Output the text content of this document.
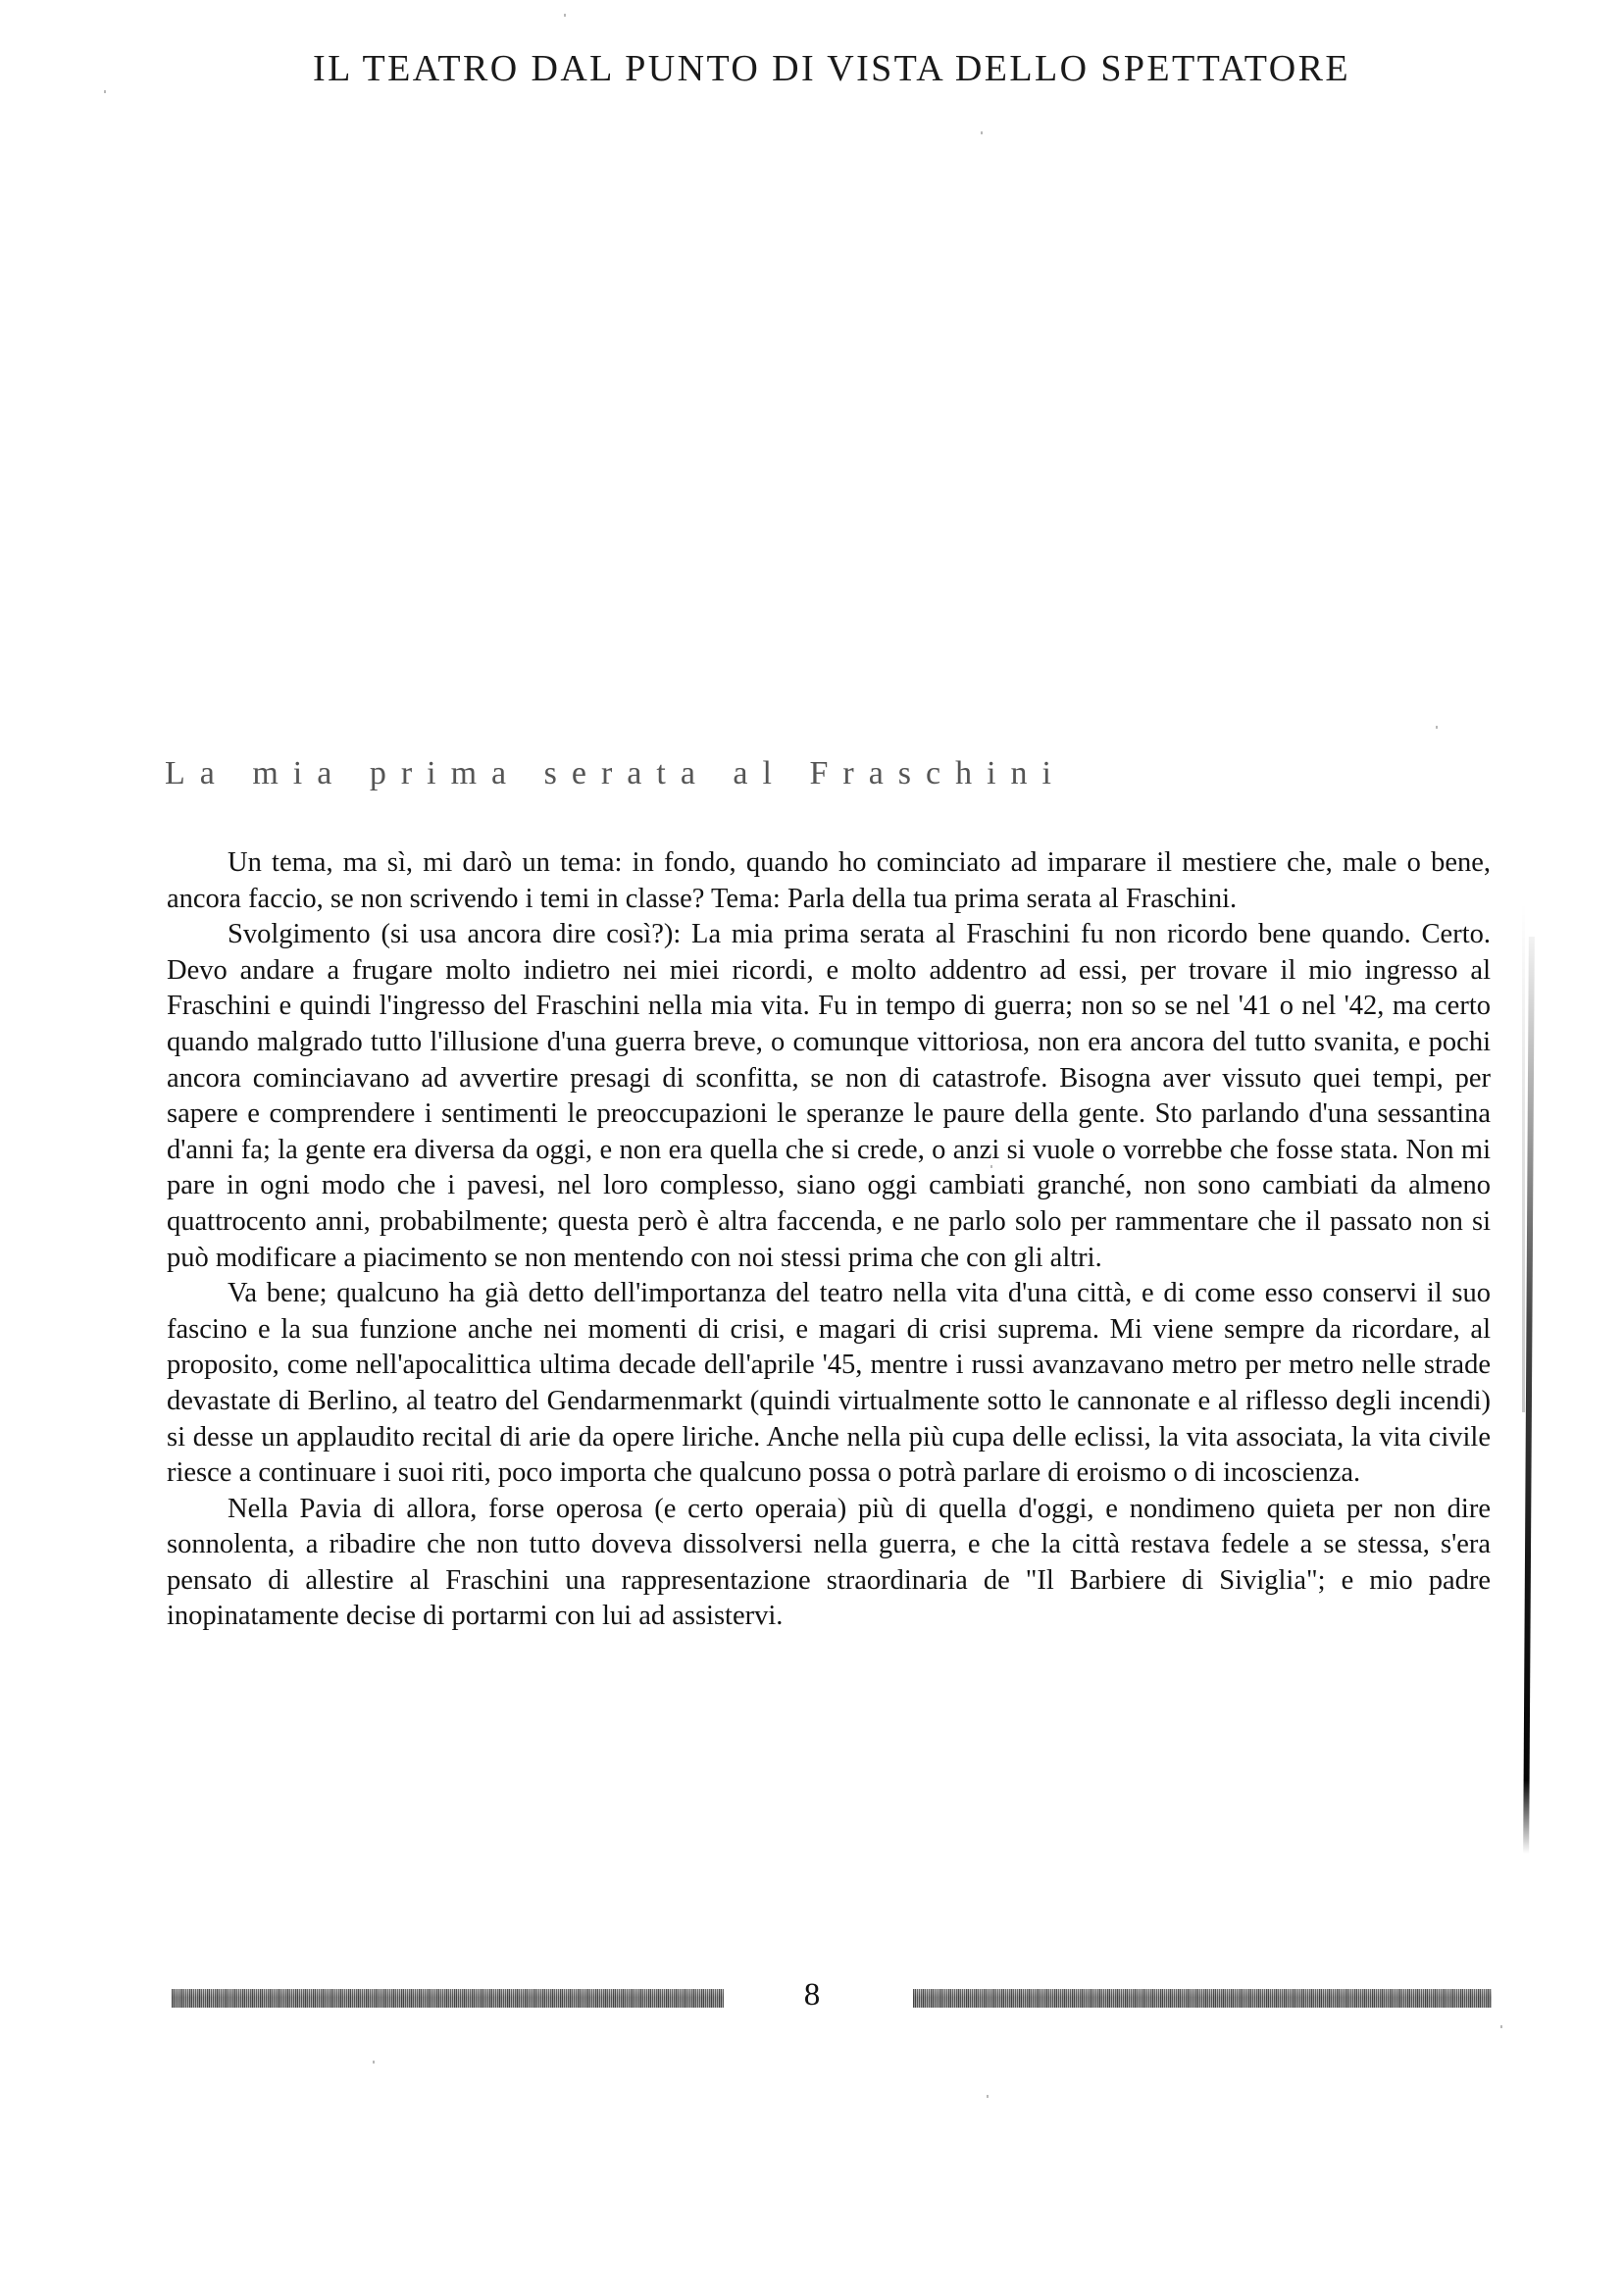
IL TEATRO DAL PUNTO DI VISTA DELLO SPETTATORE
La mia prima serata al Fraschini

Un tema, ma sì, mi darò un tema: in fondo, quando ho cominciato ad imparare il mestiere che, male o bene, ancora faccio, se non scrivendo i temi in classe? Tema: Parla della tua prima serata al Fraschini.

Svolgimento (si usa ancora dire così?): La mia prima serata al Fraschini fu non ricordo bene quando. Certo. Devo andare a frugare molto indietro nei miei ricordi, e molto addentro ad essi, per trovare il mio ingresso al Fraschini e quindi l'ingresso del Fraschini nella mia vita. Fu in tempo di guerra; non so se nel '41 o nel '42, ma certo quando malgrado tutto l'illusione d'una guerra breve, o comunque vittoriosa, non era ancora del tutto svanita, e pochi ancora cominciavano ad avvertire presagi di sconfitta, se non di catastrofe. Bisogna aver vissuto quei tempi, per sapere e comprendere i sentimenti le preoccupazioni le speranze le paure della gente. Sto parlando d'una sessantina d'anni fa; la gente era diversa da oggi, e non era quella che si crede, o anzi si vuole o vorrebbe che fosse stata. Non mi pare in ogni modo che i pavesi, nel loro complesso, siano oggi cambiati granché, non sono cambiati da almeno quattrocento anni, probabilmente; questa però è altra faccenda, e ne parlo solo per rammentare che il passato non si può modificare a piacimento se non mentendo con noi stessi prima che con gli altri.

Va bene; qualcuno ha già detto dell'importanza del teatro nella vita d'una città, e di come esso conservi il suo fascino e la sua funzione anche nei momenti di crisi, e magari di crisi suprema. Mi viene sempre da ricordare, al proposito, come nell'apocalittica ultima decade dell'aprile '45, mentre i russi avanzavano metro per metro nelle strade devastate di Berlino, al teatro del Gendarmenmarkt (quindi virtualmente sotto le cannonate e al riflesso degli incendi) si desse un applaudito recital di arie da opere liriche. Anche nella più cupa delle eclissi, la vita associata, la vita civile riesce a continuare i suoi riti, poco importa che qualcuno possa o potrà parlare di eroismo o di incoscienza.

Nella Pavia di allora, forse operosa (e certo operaia) più di quella d'oggi, e nondimeno quieta per non dire sonnolenta, a ribadire che non tutto doveva dissolversi nella guerra, e che la città restava fedele a se stessa, s'era pensato di allestire al Fraschini una rappresentazione straordinaria de "Il Barbiere di Siviglia"; e mio padre inopinatamente decise di portarmi con lui ad assistervi.

8
